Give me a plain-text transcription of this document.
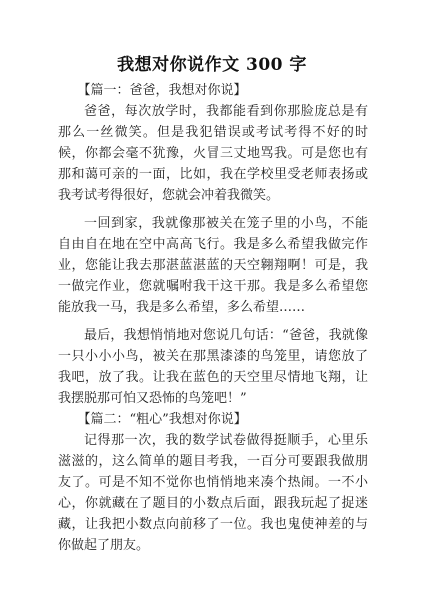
我想对你说作文 300 字

【篇一：爸爸，我想对你说】

爸爸，每次放学时，我都能看到你那脸庞总是有那么一丝微笑。但是我犯错误或考试考得不好的时候，你都会毫不犹豫，火冒三丈地骂我。可是您也有那和蔼可亲的一面，比如，我在学校里受老师表扬或我考试考得很好，您就会冲着我微笑。

一回到家，我就像那被关在笼子里的小鸟，不能自由自在地在空中高高飞行。我是多么希望我做完作业，您能让我去那湛蓝湛蓝的天空翱翔啊！可是，我一做完作业，您就嘱咐我干这干那。我是多么希望您能放我一马，我是多么希望，多么希望……

最后，我想悄悄地对您说几句话：“爸爸，我就像一只小小小鸟，被关在那黑漆漆的鸟笼里，请您放了我吧，放了我。让我在蓝色的天空里尽情地飞翔，让我摆脱那可怕又恐怖的鸟笼吧！”

【篇二：“粗心”我想对你说】

记得那一次，我的数学试卷做得挺顺手，心里乐滋滋的，这么简单的题目考我，一百分可要跟我做朋友了。可是不知不觉你也悄悄地来凑个热闹。一不小心，你就藏在了题目的小数点后面，跟我玩起了捉迷藏，让我把小数点向前移了一位。我也鬼使神差的与你做起了朋友。
